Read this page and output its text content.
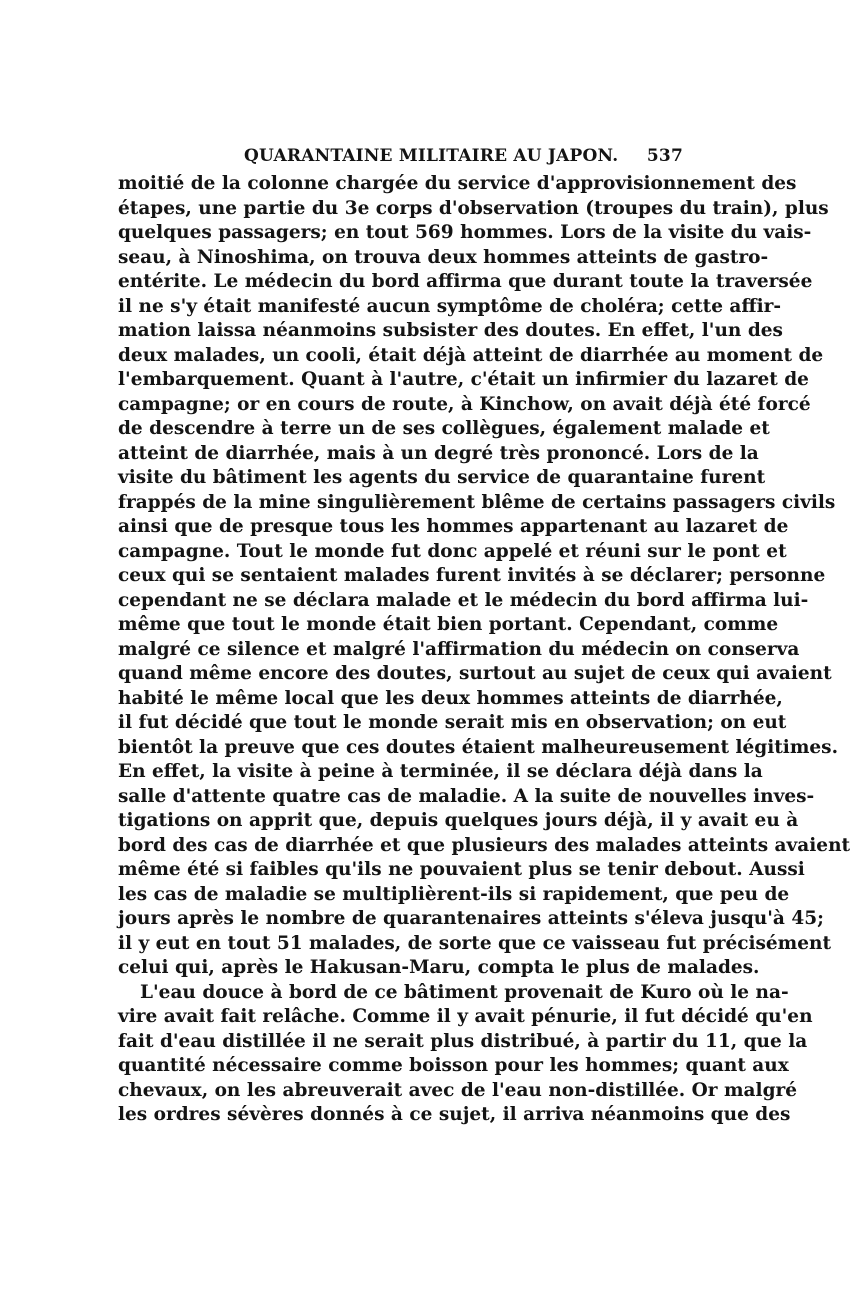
QUARANTAINE MILITAIRE AU JAPON. 537
moitié de la colonne chargée du service d'approvisionnement des
étapes, une partie du 3e corps d'observation (troupes du train), plus
quelques passagers; en tout 569 hommes. Lors de la visite du vais-
seau, à Ninoshima, on trouva deux hommes atteints de gastro-
entérite. Le médecin du bord affirma que durant toute la traversée
il ne s'y était manifesté aucun symptôme de choléra; cette affir-
mation laissa néanmoins subsister des doutes. En effet, l'un des
deux malades, un cooli, était déjà atteint de diarrhée au moment de
l'embarquement. Quant à l'autre, c'était un infirmier du lazaret de
campagne; or en cours de route, à Kinchow, on avait déjà été forcé
de descendre à terre un de ses collègues, également malade et
atteint de diarrhée, mais à un degré très prononcé. Lors de la
visite du bâtiment les agents du service de quarantaine furent
frappés de la mine singulièrement blême de certains passagers civils
ainsi que de presque tous les hommes appartenant au lazaret de
campagne. Tout le monde fut donc appelé et réuni sur le pont et
ceux qui se sentaient malades furent invités à se déclarer; personne
cependant ne se déclara malade et le médecin du bord affirma lui-
même que tout le monde était bien portant. Cependant, comme
malgré ce silence et malgré l'affirmation du médecin on conserva
quand même encore des doutes, surtout au sujet de ceux qui avaient
habité le même local que les deux hommes atteints de diarrhée,
il fut décidé que tout le monde serait mis en observation; on eut
bientôt la preuve que ces doutes étaient malheureusement légitimes.
En effet, la visite à peine à terminée, il se déclara déjà dans la
salle d'attente quatre cas de maladie. A la suite de nouvelles inves-
tigations on apprit que, depuis quelques jours déjà, il y avait eu à
bord des cas de diarrhée et que plusieurs des malades atteints avaient
même été si faibles qu'ils ne pouvaient plus se tenir debout. Aussi
les cas de maladie se multiplièrent-ils si rapidement, que peu de
jours après le nombre de quarantenaires atteints s'éleva jusqu'à 45;
il y eut en tout 51 malades, de sorte que ce vaisseau fut précisément
celui qui, après le Hakusan-Maru, compta le plus de malades.
L'eau douce à bord de ce bâtiment provenait de Kuro où le na-
vire avait fait relâche. Comme il y avait pénurie, il fut décidé qu'en
fait d'eau distillée il ne serait plus distribué, à partir du 11, que la
quantité nécessaire comme boisson pour les hommes; quant aux
chevaux, on les abreuverait avec de l'eau non-distillée. Or malgré
les ordres sévères donnés à ce sujet, il arriva néanmoins que des
